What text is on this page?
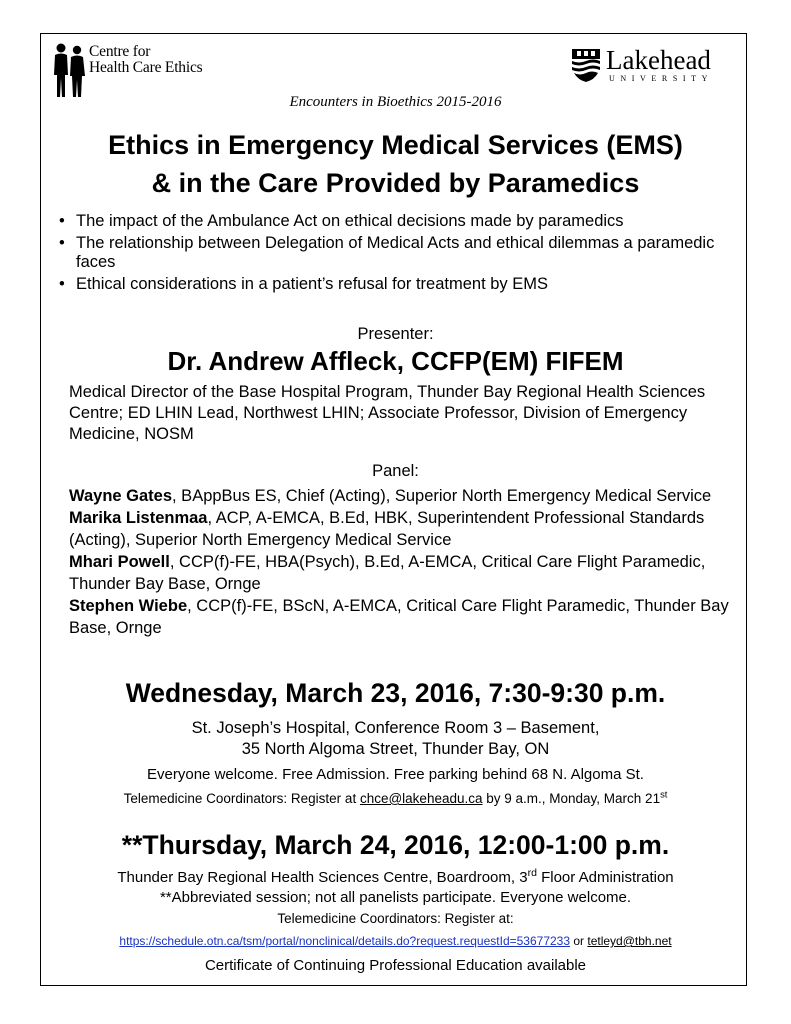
Centre for
Health Care Ethics	Lakehead
UNIVERSITY
Encounters in Bioethics 2015-2016
Ethics in Emergency Medical Services (EMS)
& in the Care Provided by Paramedics
• The impact of the Ambulance Act on ethical decisions made by paramedics
• The relationship between Delegation of Medical Acts and ethical dilemmas a paramedic faces
• Ethical considerations in a patient’s refusal for treatment by EMS
Presenter:
Dr. Andrew Affleck, CCFP(EM) FIFEM
Medical Director of the Base Hospital Program, Thunder Bay Regional Health Sciences Centre; ED LHIN Lead, Northwest LHIN; Associate Professor, Division of Emergency Medicine, NOSM
Panel:
Wayne Gates, BAppBus ES, Chief (Acting), Superior North Emergency Medical Service
Marika Listenmaa, ACP, A-EMCA, B.Ed, HBK, Superintendent Professional Standards (Acting), Superior North Emergency Medical Service
Mhari Powell, CCP(f)-FE, HBA(Psych), B.Ed, A-EMCA, Critical Care Flight Paramedic, Thunder Bay Base, Ornge
Stephen Wiebe, CCP(f)-FE, BScN, A-EMCA, Critical Care Flight Paramedic, Thunder Bay Base, Ornge
Wednesday, March 23, 2016, 7:30-9:30 p.m.
St. Joseph’s Hospital, Conference Room 3 – Basement,
35 North Algoma Street, Thunder Bay, ON
Everyone welcome. Free Admission. Free parking behind 68 N. Algoma St.
Telemedicine Coordinators: Register at chce@lakeheadu.ca by 9 a.m., Monday, March 21st
**Thursday, March 24, 2016, 12:00-1:00 p.m.
Thunder Bay Regional Health Sciences Centre, Boardroom, 3rd Floor Administration
**Abbreviated session; not all panelists participate. Everyone welcome.
Telemedicine Coordinators: Register at:
https://schedule.otn.ca/tsm/portal/nonclinical/details.do?request.requestId=53677233 or tetleyd@tbh.net
Certificate of Continuing Professional Education available
